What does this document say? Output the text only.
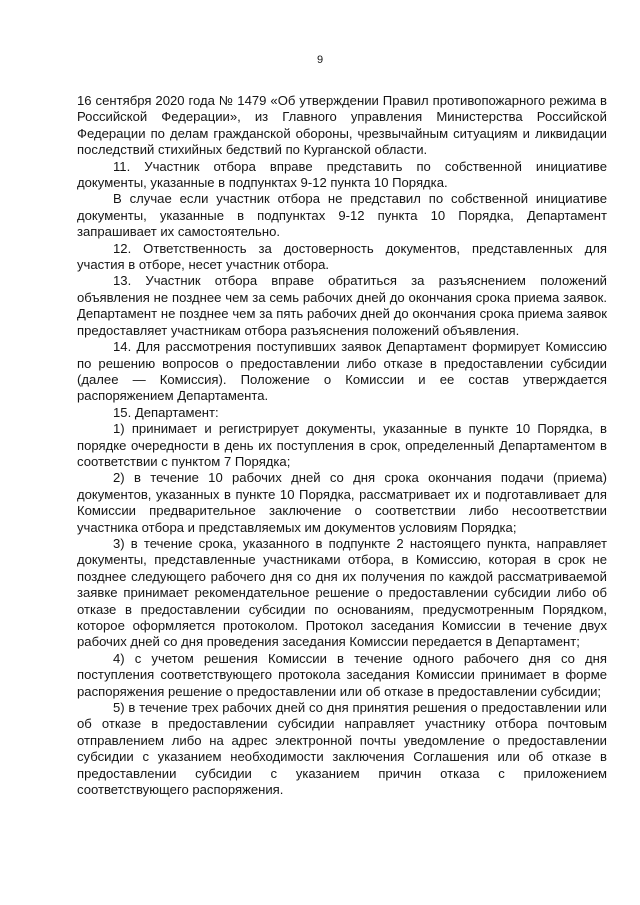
9

16 сентября 2020 года № 1479 «Об утверждении Правил противопожарного режима в Российской Федерации», из Главного управления Министерства Российской Федерации по делам гражданской обороны, чрезвычайным ситуациям и ликвидации последствий стихийных бедствий по Курганской области.

11. Участник отбора вправе представить по собственной инициативе документы, указанные в подпунктах 9-12 пункта 10 Порядка.

В случае если участник отбора не представил по собственной инициативе документы, указанные в подпунктах 9-12 пункта 10 Порядка, Департамент запрашивает их самостоятельно.

12. Ответственность за достоверность документов, представленных для участия в отборе, несет участник отбора.

13. Участник отбора вправе обратиться за разъяснением положений объявления не позднее чем за семь рабочих дней до окончания срока приема заявок. Департамент не позднее чем за пять рабочих дней до окончания срока приема заявок предоставляет участникам отбора разъяснения положений объявления.

14. Для рассмотрения поступивших заявок Департамент формирует Комиссию по решению вопросов о предоставлении либо отказе в предоставлении субсидии (далее — Комиссия). Положение о Комиссии и ее состав утверждается распоряжением Департамента.

15. Департамент:

1) принимает и регистрирует документы, указанные в пункте 10 Порядка, в порядке очередности в день их поступления в срок, определенный Департаментом в соответствии с пунктом 7 Порядка;

2) в течение 10 рабочих дней со дня срока окончания подачи (приема) документов, указанных в пункте 10 Порядка, рассматривает их и подготавливает для Комиссии предварительное заключение о соответствии либо несоответствии участника отбора и представляемых им документов условиям Порядка;

3) в течение срока, указанного в подпункте 2 настоящего пункта, направляет документы, представленные участниками отбора, в Комиссию, которая в срок не позднее следующего рабочего дня со дня их получения по каждой рассматриваемой заявке принимает рекомендательное решение о предоставлении субсидии либо об отказе в предоставлении субсидии по основаниям, предусмотренным Порядком, которое оформляется протоколом. Протокол заседания Комиссии в течение двух рабочих дней со дня проведения заседания Комиссии передается в Департамент;

4) с учетом решения Комиссии в течение одного рабочего дня со дня поступления соответствующего протокола заседания Комиссии принимает в форме распоряжения решение о предоставлении или об отказе в предоставлении субсидии;

5) в течение трех рабочих дней со дня принятия решения о предоставлении или об отказе в предоставлении субсидии направляет участнику отбора почтовым отправлением либо на адрес электронной почты уведомление о предоставлении субсидии с указанием необходимости заключения Соглашения или об отказе в предоставлении субсидии с указанием причин отказа с приложением соответствующего распоряжения.
